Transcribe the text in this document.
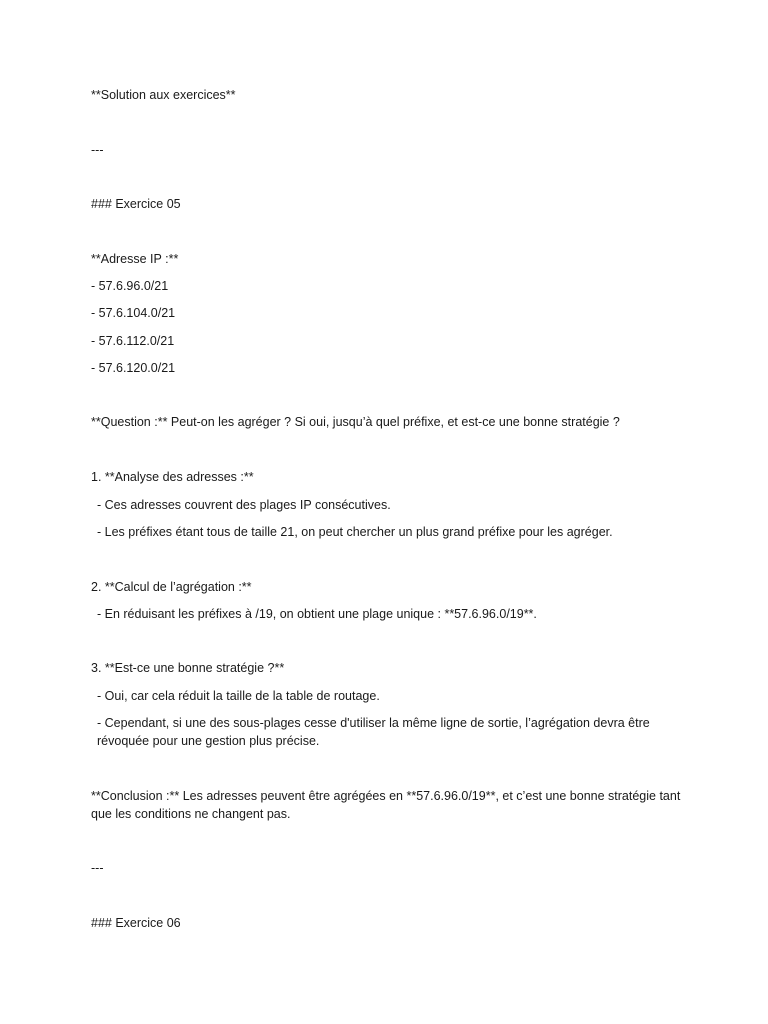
**Solution aux exercices**
---
### Exercice 05
**Adresse IP :**
- 57.6.96.0/21
- 57.6.104.0/21
- 57.6.112.0/21
- 57.6.120.0/21
**Question :** Peut-on les agréger ? Si oui, jusqu’à quel préfixe, et est-ce une bonne stratégie ?
1. **Analyse des adresses :**
- Ces adresses couvrent des plages IP consécutives.
- Les préfixes étant tous de taille 21, on peut chercher un plus grand préfixe pour les agréger.
2. **Calcul de l’agrégation :**
- En réduisant les préfixes à /19, on obtient une plage unique : **57.6.96.0/19**.
3. **Est-ce une bonne stratégie ?**
- Oui, car cela réduit la taille de la table de routage.
- Cependant, si une des sous-plages cesse d'utiliser la même ligne de sortie, l’agrégation devra être révoquée pour une gestion plus précise.
**Conclusion :** Les adresses peuvent être agrégées en **57.6.96.0/19**, et c’est une bonne stratégie tant que les conditions ne changent pas.
---
### Exercice 06
